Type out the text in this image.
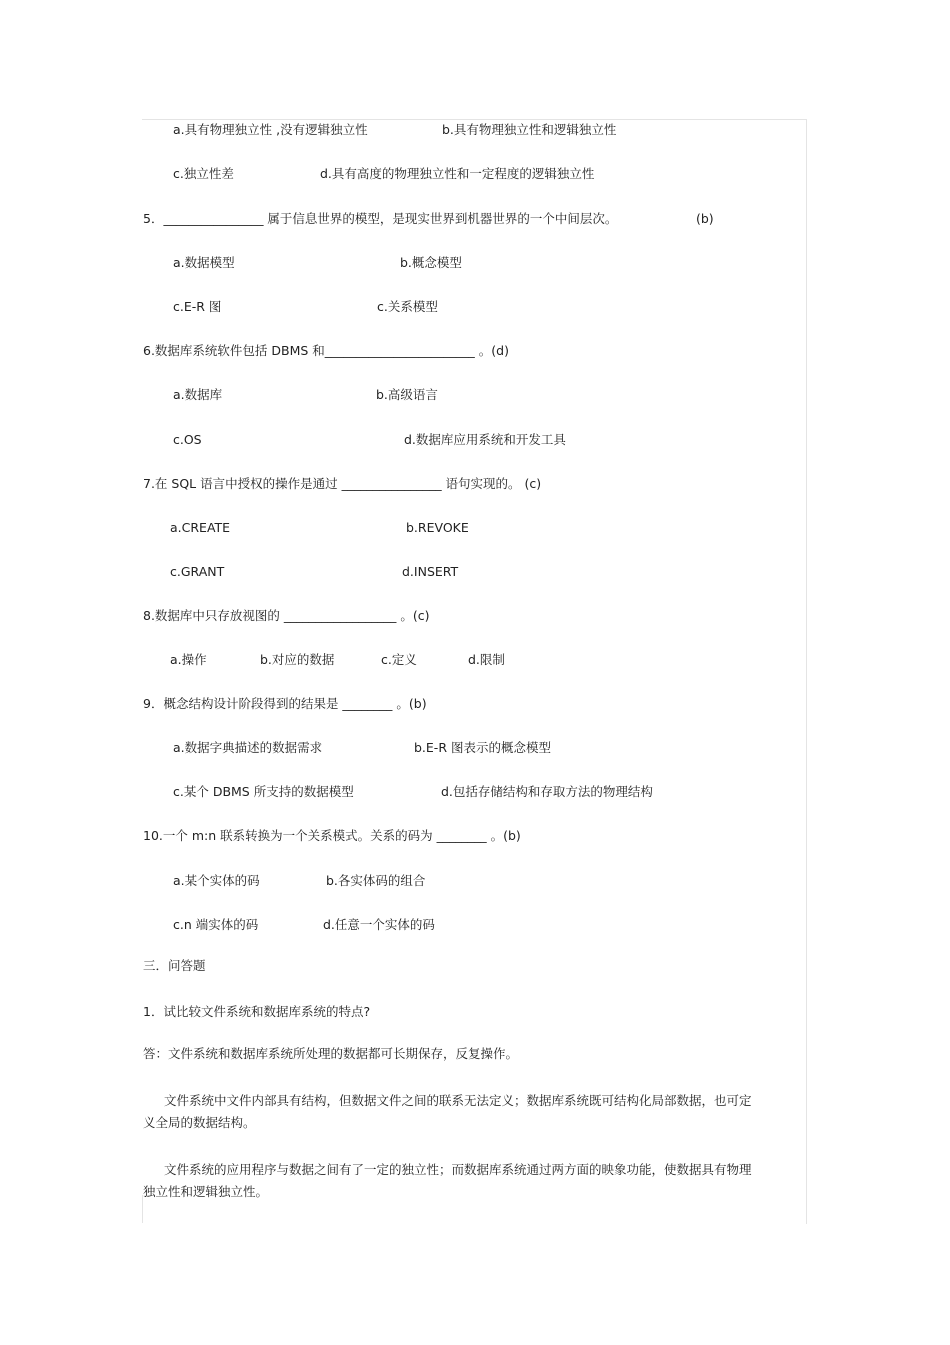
a.具有物理独立性 ,没有逻辑独立性	b.具有物理独立性和逻辑独立性
c.独立性差	d.具有高度的物理独立性和一定程度的逻辑独立性
5．________________ 属于信息世界的模型，是现实世界到机器世界的一个中间层次。	(b)
a.数据模型	b.概念模型
c.E-R 图	c.关系模型
6.数据库系统软件包括 DBMS 和________________________ 。(d)
a.数据库	b.高级语言
c.OS	d.数据库应用系统和开发工具
7.在 SQL 语言中授权的操作是通过 ________________ 语句实现的。 (c)
a.CREATE	b.REVOKE
c.GRANT	d.INSERT
8.数据库中只存放视图的 __________________ 。(c)
a.操作	b.对应的数据	c.定义	d.限制
9．概念结构设计阶段得到的结果是 ________ 。(b)
a.数据字典描述的数据需求	b.E-R 图表示的概念模型
c.某个 DBMS 所支持的数据模型	d.包括存储结构和存取方法的物理结构
10.一个 m:n 联系转换为一个关系模式。关系的码为 ________ 。(b)
a.某个实体的码	b.各实体码的组合
c.n 端实体的码	d.任意一个实体的码
三．问答题
1．试比较文件系统和数据库系统的特点?
答：文件系统和数据库系统所处理的数据都可长期保存，反复操作。
文件系统中文件内部具有结构，但数据文件之间的联系无法定义；数据库系统既可结构化局部数据，也可定义全局的数据结构。
文件系统的应用程序与数据之间有了一定的独立性；而数据库系统通过两方面的映象功能，使数据具有物理独立性和逻辑独立性。
